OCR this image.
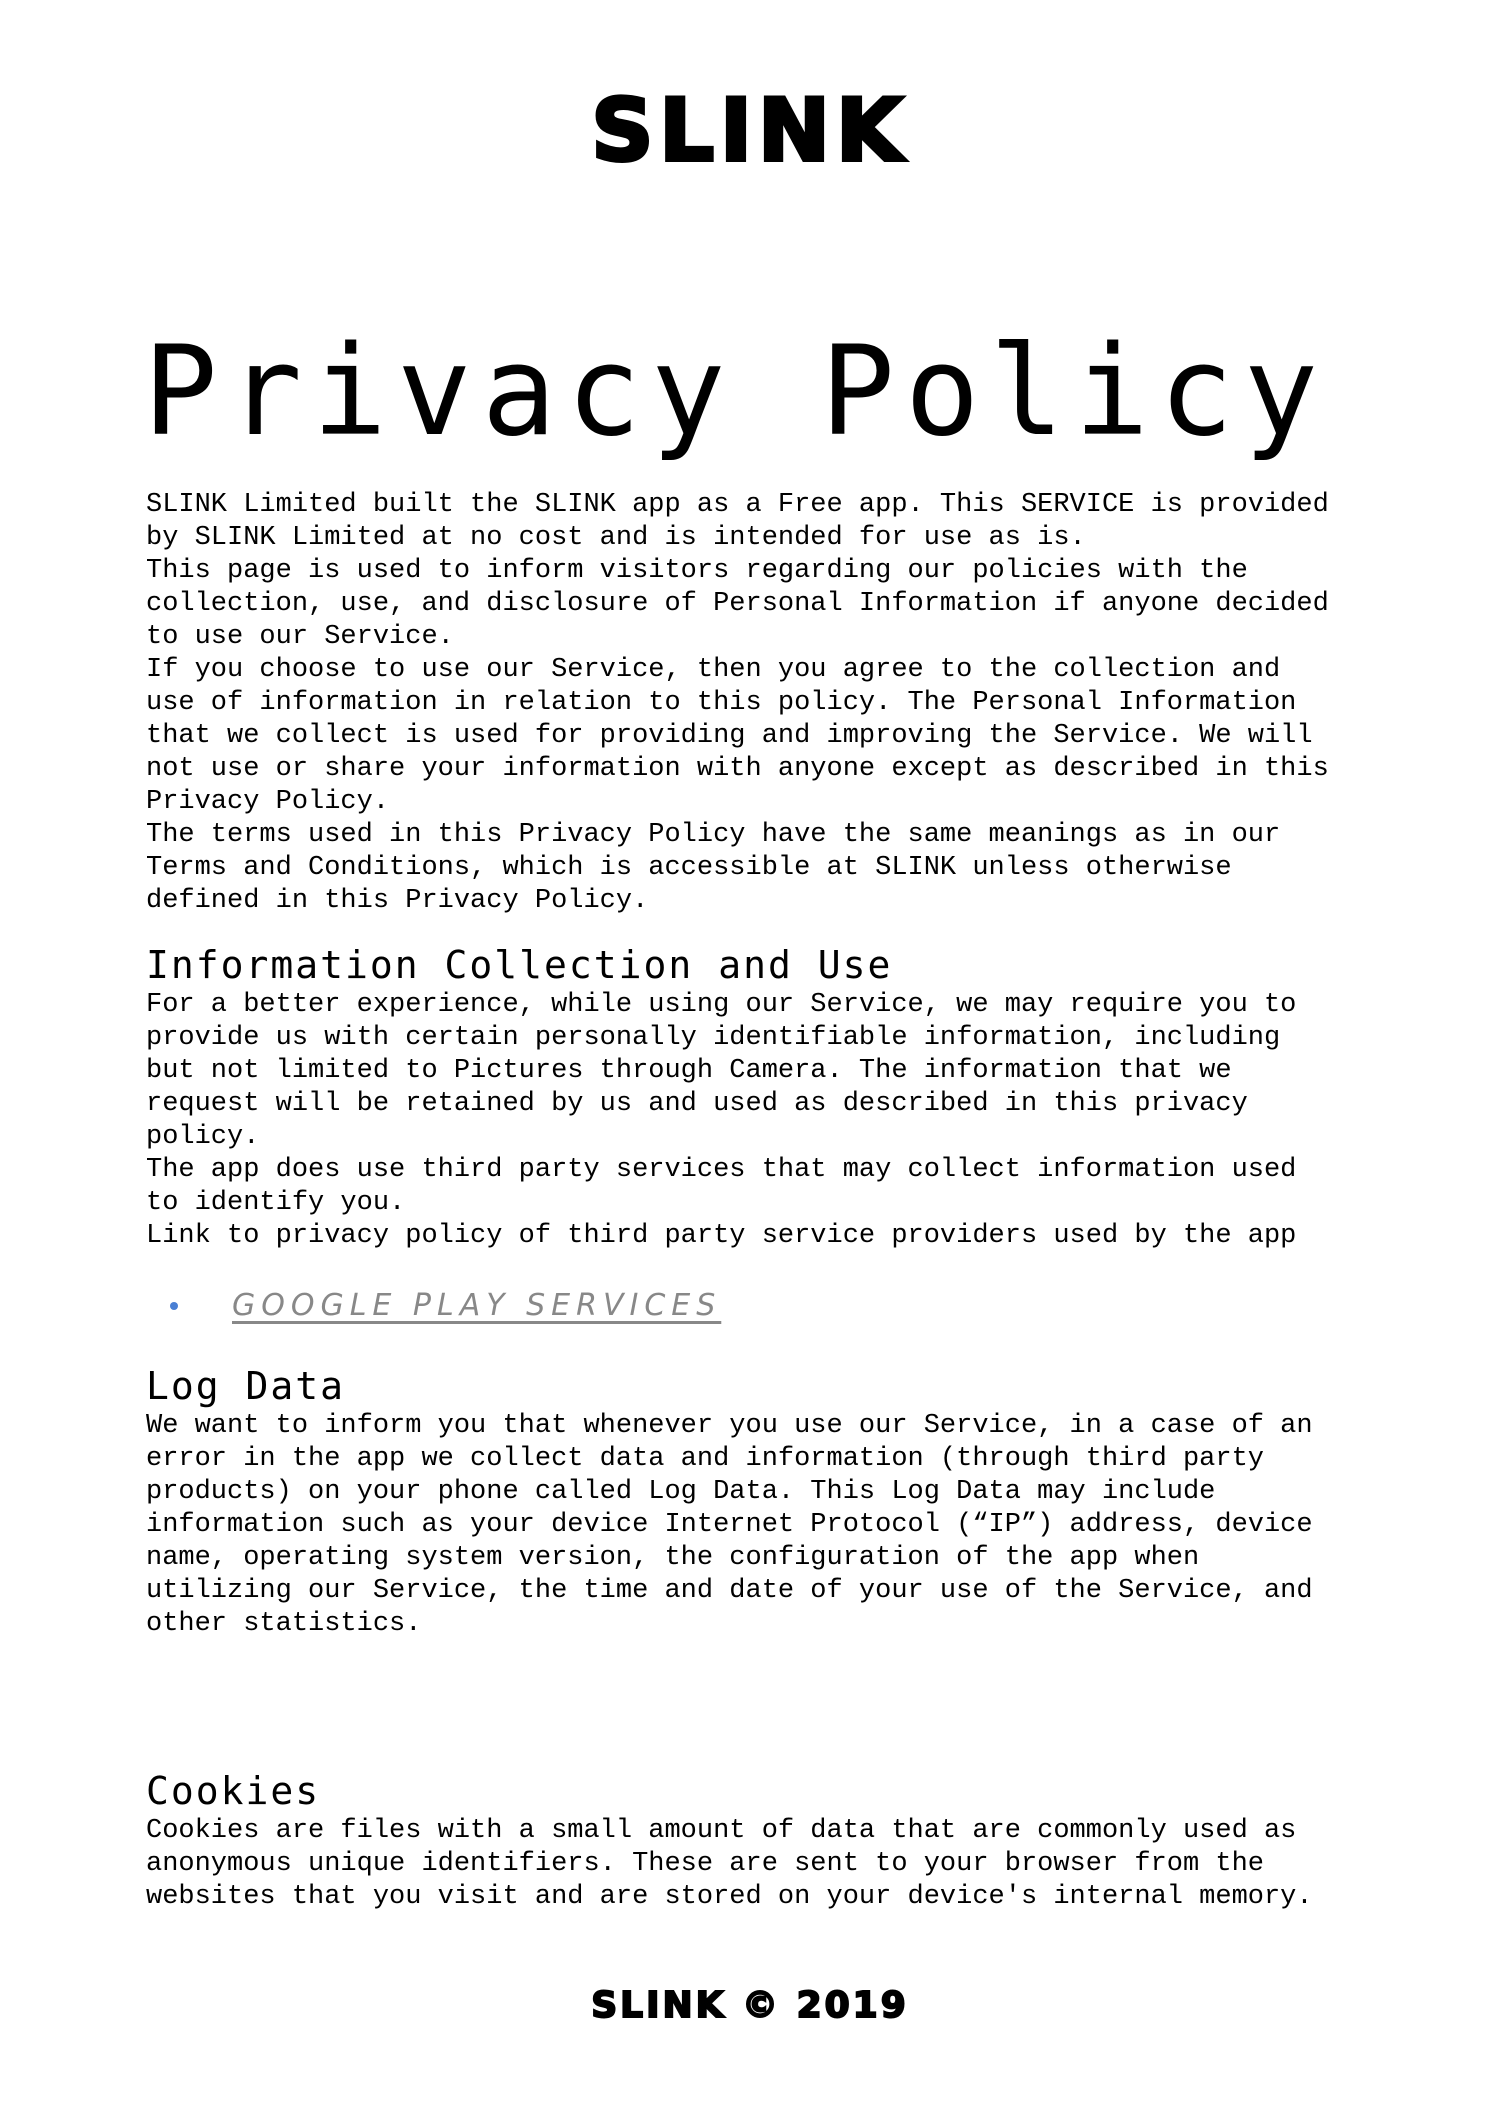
SLINK
Privacy Policy

SLINK Limited built the SLINK app as a Free app. This SERVICE is provided
by SLINK Limited at no cost and is intended for use as is.

This page is used to inform visitors regarding our policies with the
collection, use, and disclosure of Personal Information if anyone decided
to use our Service.

If you choose to use our Service, then you agree to the collection and
use of information in relation to this policy. The Personal Information
that we collect is used for providing and improving the Service. We will
not use or share your information with anyone except as described in this
Privacy Policy.

The terms used in this Privacy Policy have the same meanings as in our
Terms and Conditions, which is accessible at SLINK unless otherwise
defined in this Privacy Policy.

Information Collection and Use

For a better experience, while using our Service, we may require you to
provide us with certain personally identifiable information, including
but not limited to Pictures through Camera. The information that we
request will be retained by us and used as described in this privacy
policy.

The app does use third party services that may collect information used
to identify you.

Link to privacy policy of third party service providers used by the app

GOOGLE PLAY SERVICES
Log Data

We want to inform you that whenever you use our Service, in a case of an
error in the app we collect data and information (through third party
products) on your phone called Log Data. This Log Data may include
information such as your device Internet Protocol (“IP”) address, device
name, operating system version, the configuration of the app when
utilizing our Service, the time and date of your use of the Service, and
other statistics.

Cookies

Cookies are files with a small amount of data that are commonly used as
anonymous unique identifiers. These are sent to your browser from the
websites that you visit and are stored on your device's internal memory.

SLINK © 2019
